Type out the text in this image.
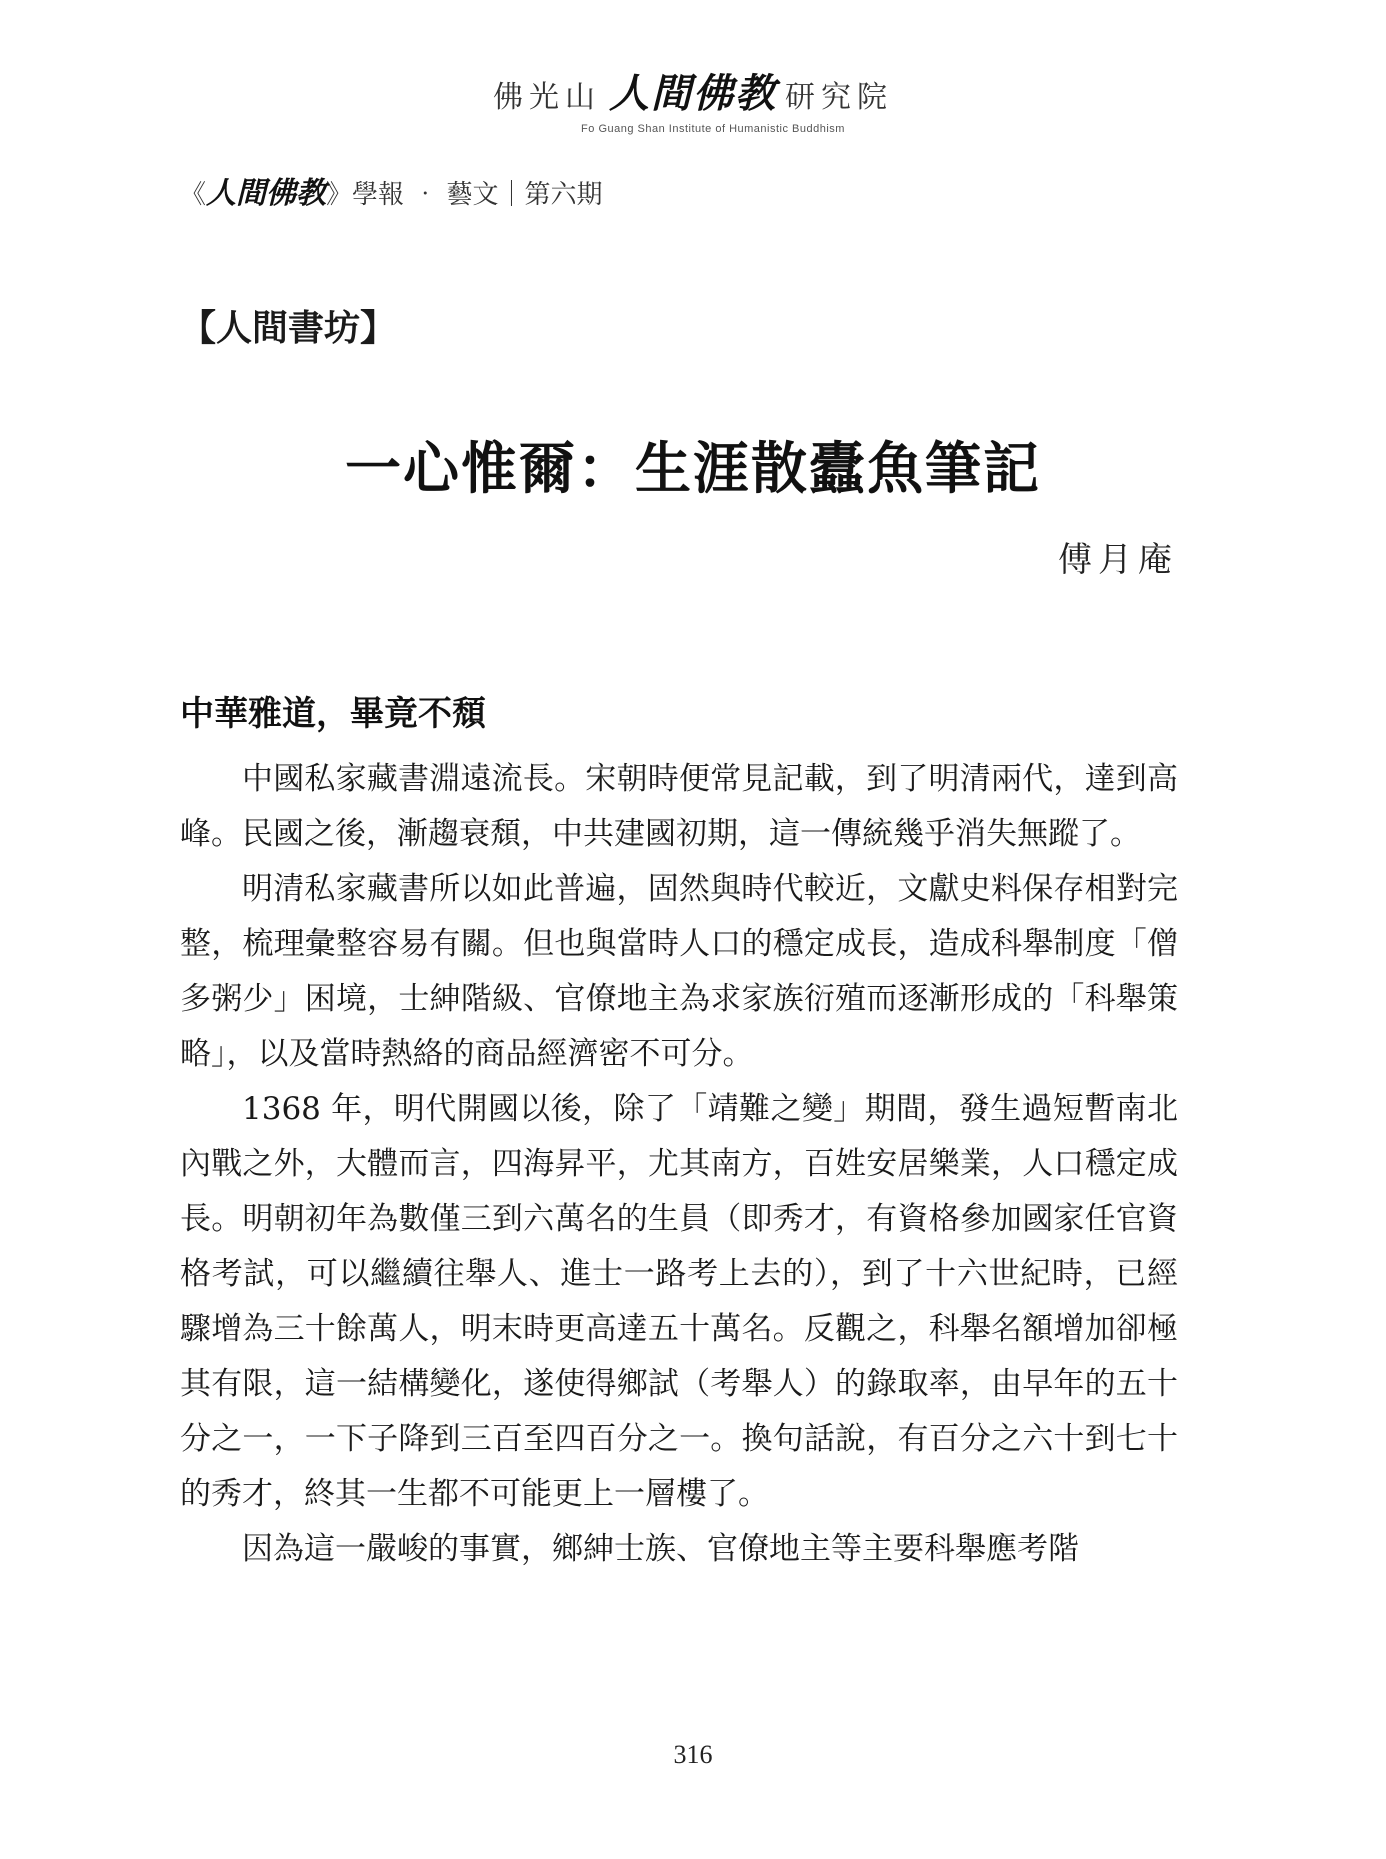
佛光山 人間佛教 研究院
Fo Guang Shan Institute of Humanistic Buddhism
《人間佛教》學報 ‧ 藝文｜第六期
【人間書坊】
一心惟爾：生涯散蠹魚筆記
傅月庵
中華雅道，畢竟不頹

中國私家藏書淵遠流長。宋朝時便常見記載，到了明清兩代，達到高峰。民國之後，漸趨衰頹，中共建國初期，這一傳統幾乎消失無蹤了。

明清私家藏書所以如此普遍，固然與時代較近，文獻史料保存相對完整，梳理彙整容易有關。但也與當時人口的穩定成長，造成科舉制度「僧多粥少」困境，士紳階級、官僚地主為求家族衍殖而逐漸形成的「科舉策略」，以及當時熱絡的商品經濟密不可分。

1368 年，明代開國以後，除了「靖難之變」期間，發生過短暫南北內戰之外，大體而言，四海昇平，尤其南方，百姓安居樂業，人口穩定成長。明朝初年為數僅三到六萬名的生員（即秀才，有資格參加國家任官資格考試，可以繼續往舉人、進士一路考上去的），到了十六世紀時，已經驟增為三十餘萬人，明末時更高達五十萬名。反觀之，科舉名額增加卻極其有限，這一結構變化，遂使得鄉試（考舉人）的錄取率，由早年的五十分之一，一下子降到三百至四百分之一。換句話說，有百分之六十到七十的秀才，終其一生都不可能更上一層樓了。

因為這一嚴峻的事實，鄉紳士族、官僚地主等主要科舉應考階

316
